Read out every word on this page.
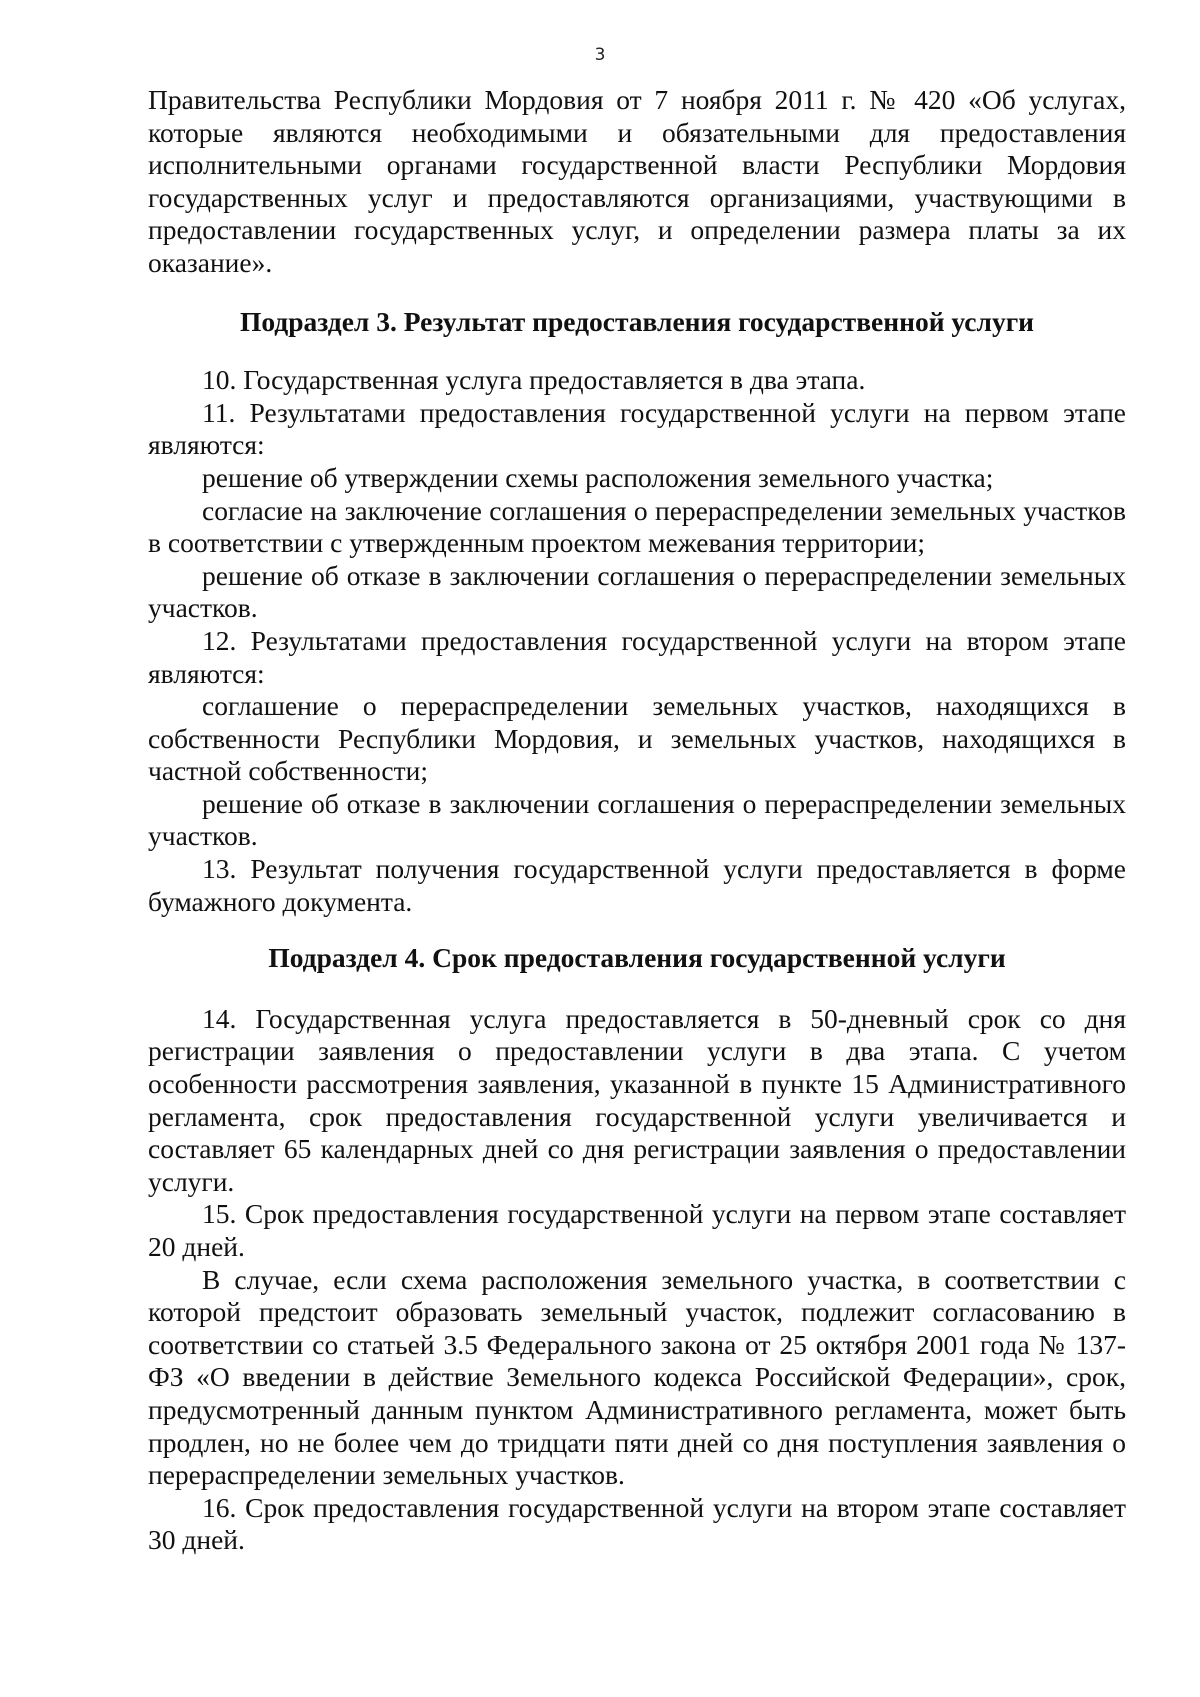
3

Правительства Республики Мордовия от 7 ноября 2011 г. № 420 «Об услугах, которые являются необходимыми и обязательными для предоставления исполнительными органами государственной власти Республики Мордовия государственных услуг и предоставляются организациями, участвующими в предоставлении государственных услуг, и определении размера платы за их оказание».

Подраздел 3. Результат предоставления государственной услуги

10. Государственная услуга предоставляется в два этапа.

11. Результатами предоставления государственной услуги на первом этапе являются:

решение об утверждении схемы расположения земельного участка;

согласие на заключение соглашения о перераспределении земельных участков в соответствии с утвержденным проектом межевания территории;

решение об отказе в заключении соглашения о перераспределении земельных участков.

12. Результатами предоставления государственной услуги на втором этапе являются:

соглашение о перераспределении земельных участков, находящихся в собственности Республики Мордовия, и земельных участков, находящихся в частной собственности;

решение об отказе в заключении соглашения о перераспределении земельных участков.

13. Результат получения государственной услуги предоставляется в форме бумажного документа.

Подраздел 4. Срок предоставления государственной услуги

14. Государственная услуга предоставляется в 50-дневный срок со дня регистрации заявления о предоставлении услуги в два этапа. С учетом особенности рассмотрения заявления, указанной в пункте 15 Административного регламента, срок предоставления государственной услуги увеличивается и составляет 65 календарных дней со дня регистрации заявления о предоставлении услуги.

15. Срок предоставления государственной услуги на первом этапе составляет 20 дней.

В случае, если схема расположения земельного участка, в соответствии с которой предстоит образовать земельный участок, подлежит согласованию в соответствии со статьей 3.5 Федерального закона от 25 октября 2001 года № 137-ФЗ «О введении в действие Земельного кодекса Российской Федерации», срок, предусмотренный данным пунктом Административного регламента, может быть продлен, но не более чем до тридцати пяти дней со дня поступления заявления о перераспределении земельных участков.

16. Срок предоставления государственной услуги на втором этапе составляет 30 дней.
